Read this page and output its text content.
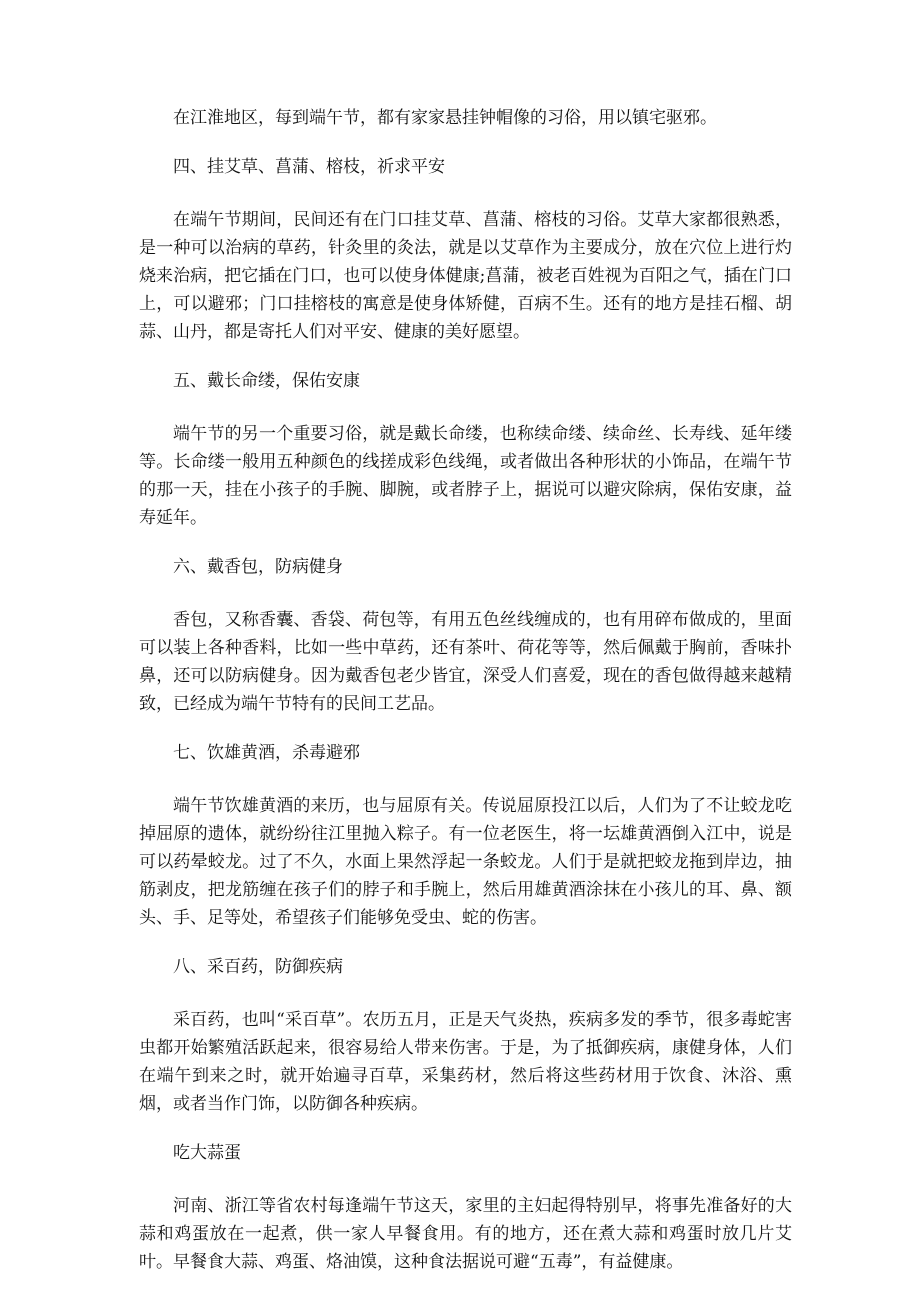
在江淮地区，每到端午节，都有家家悬挂钟帽像的习俗，用以镇宅驱邪。

四、挂艾草、菖蒲、榕枝，祈求平安

在端午节期间，民间还有在门口挂艾草、菖蒲、榕枝的习俗。艾草大家都很熟悉，是一种可以治病的草药，针灸里的灸法，就是以艾草作为主要成分，放在穴位上进行灼烧来治病，把它插在门口，也可以使身体健康;菖蒲，被老百姓视为百阳之气，插在门口上，可以避邪；门口挂榕枝的寓意是使身体矫健，百病不生。还有的地方是挂石榴、胡蒜、山丹，都是寄托人们对平安、健康的美好愿望。

五、戴长命缕，保佑安康

端午节的另一个重要习俗，就是戴长命缕，也称续命缕、续命丝、长寿线、延年缕等。长命缕一般用五种颜色的线搓成彩色线绳，或者做出各种形状的小饰品，在端午节的那一天，挂在小孩子的手腕、脚腕，或者脖子上，据说可以避灾除病，保佑安康，益寿延年。

六、戴香包，防病健身

香包，又称香囊、香袋、荷包等，有用五色丝线缠成的，也有用碎布做成的，里面可以装上各种香料，比如一些中草药，还有茶叶、荷花等等，然后佩戴于胸前，香味扑鼻，还可以防病健身。因为戴香包老少皆宜，深受人们喜爱，现在的香包做得越来越精致，已经成为端午节特有的民间工艺品。

七、饮雄黄酒，杀毒避邪

端午节饮雄黄酒的来历，也与屈原有关。传说屈原投江以后，人们为了不让蛟龙吃掉屈原的遗体，就纷纷往江里抛入粽子。有一位老医生，将一坛雄黄酒倒入江中，说是可以药晕蛟龙。过了不久，水面上果然浮起一条蛟龙。人们于是就把蛟龙拖到岸边，抽筋剥皮，把龙筋缠在孩子们的脖子和手腕上，然后用雄黄酒涂抹在小孩儿的耳、鼻、额头、手、足等处，希望孩子们能够免受虫、蛇的伤害。

八、采百药，防御疾病

采百药，也叫“采百草”。农历五月，正是天气炎热，疾病多发的季节，很多毒蛇害虫都开始繁殖活跃起来，很容易给人带来伤害。于是，为了抵御疾病，康健身体，人们在端午到来之时，就开始遍寻百草，采集药材，然后将这些药材用于饮食、沐浴、熏烟，或者当作门饰，以防御各种疾病。

吃大蒜蛋

河南、浙江等省农村每逢端午节这天，家里的主妇起得特别早，将事先准备好的大蒜和鸡蛋放在一起煮，供一家人早餐食用。有的地方，还在煮大蒜和鸡蛋时放几片艾叶。早餐食大蒜、鸡蛋、烙油馍，这种食法据说可避“五毒”，有益健康。
